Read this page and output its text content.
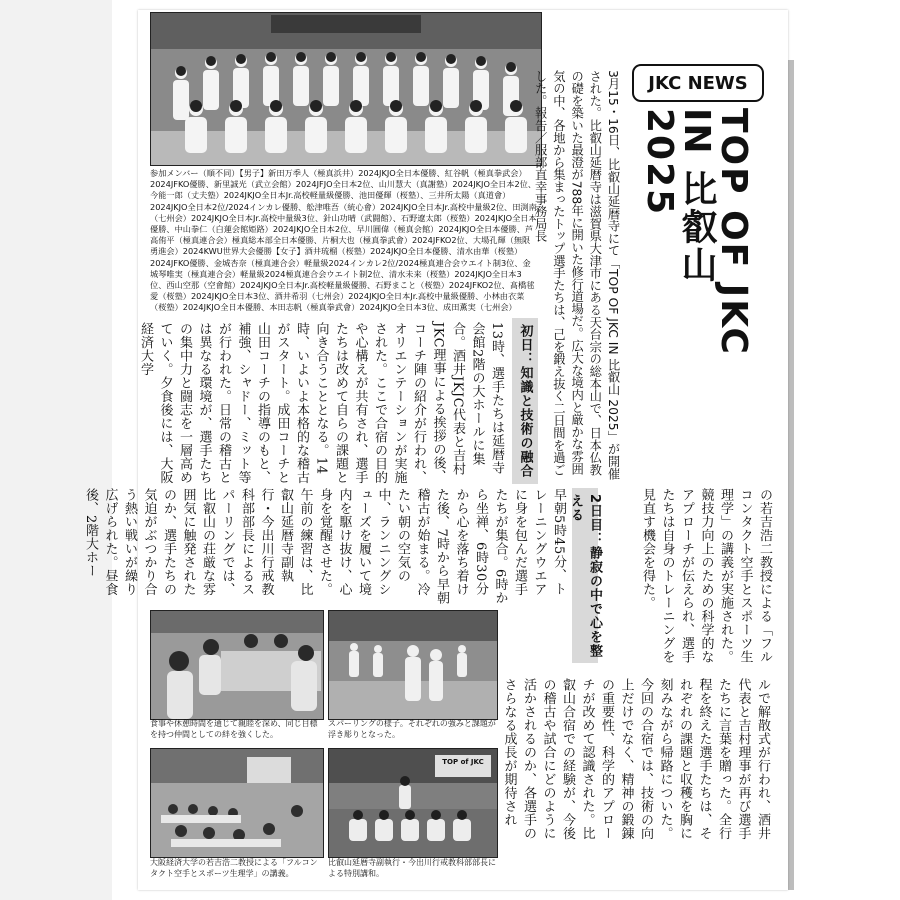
参加メンバー（順不同）【男子】新田万季人（極真浜井）2024JKJO全日本優勝、紅谷帆（極真拳武会）2024JFKO優勝、新里誠光（武立会館）2024JFJO全日本2位、山川慧大（真謝塾）2024JKJO全日本2位、今能一郎（丈夫塾）2024JKJO全日本Jr.高校軽量級優勝、池田優輝（桜塾）、三井所太陽（真道會）2024JKJO全日本2位/2024インカレ優勝、舩津唯吾（統心會）2024JKJO全日本Jr.高校中量級2位、田渕南（七州会）2024JKJO全日本Jr.高校中量級3位、針山功晴（武闘館）、石野遼太郎（桜塾）2024JKJO全日本優勝、中山拳仁（白蓮会館姫路）2024JKJO全日本2位、早川圓偉（極真会館）2024JKJO全日本優勝、芦高侑平（極真連合会）極真総本部全日本優勝、片桐大也（極真拳武會）2024JFKO2位、大場孔輝（無限勇進会）2024KWU世界大会優勝【女子】酒井琉榴（桜塾）2024JKJO全日本優勝、清水由華（桜塾）2024JFKO優勝、金城杏奈（極真連合会）軽量級2024インカレ2位/2024極真連合会ウエイト制3位、金城琴唯実（極真連合会）軽量級2024極真連合会ウエイト制2位、清水未来（桜塾）2024JKJO全日本3位、西山空那（空會館）2024JKJO全日本Jr.高校軽量級優勝、石野まこと（桜塾）2024JFKO2位、髙橋毬愛（桜塾）2024JKJO全日本3位、酒井希羽（七州会）2024JKJO全日本Jr.高校中量級優勝、小林由衣菜（桜塾）2024JKJO全日本優勝、本田志帆（極真拳武會）2024JKJO全日本3位、成田薫実（七州会）	3月15・16日、比叡山延暦寺にて「TOP OF JKC IN 比叡山 2025」が開催された。比叡山延暦寺は滋賀県大津市にある天台宗の総本山で、日本仏教の礎を築いた最澄が788年に開いた修行道場だ。広大な境内と厳かな雰囲気の中、各地から集まったトップ選手たちは、己を鍛え抜く二日間を過ごした。報告／服部直幸事務局長	JKC NEWS
TOP OF JKC IN 比叡山 2025
初日：知識と技術の融合
13時、選手たちは延暦寺会館2階の大ホールに集合。酒井JKJC代表と吉村JKC理事による挨拶の後、コーチ陣の紹介が行われ、オリエンテーションが実施された。ここで合宿の目的や心構えが共有され、選手たちは改めて自らの課題と向き合うこととなる。14時、いよいよ本格的な稽古がスタート。成田コーチと山田コーチの指導のもと、補強、シャドー、ミット等が行われた。日常の稽古とは異なる環境が、選手たちの集中力と闘志を一層高めていく。夕食後には、大阪経済大学
2日目：静寂の中で心を整える
早朝5時45分、トレーニングウエアに身を包んだ選手たちが集合。6時から坐禅、6時30分から心を落ち着けた後、7時から早朝稽古が始まる。冷たい朝の空気の中、ランニングシューズを履いて境内を駆け抜け、心身を覚醒させた。午前の練習は、比叡山延暦寺副執行・今出川行戒教科部部長によるスパーリングでは、比叡山の荘厳な雰囲気に触発されたのか、選手たちの気迫がぶつかり合う熱い戦いが繰り広げられた。昼食後、2階大ホー	の若吉浩二教授による「フルコンタクト空手とスポーツ生理学」の講義が実施された。競技力向上のための科学的なアプローチが伝えられ、選手たちは自身のトレーニングを見直す機会を得た。
ルで解散式が行われ、酒井代表と吉村理事が再び選手たちに言葉を贈った。全行程を終えた選手たちは、それぞれの課題と収穫を胸に刻みながら帰路についた。今回の合宿では、技術の向上だけでなく、精神の鍛錬の重要性、科学的アプローチが改めて認識された。比叡山合宿での経験が、今後の稽古や試合にどのように活かされるのか、各選手のさらなる成長が期待され
食事や休憩時間を通じて親睦を深め、同じ目標を持つ仲間としての絆を強くした。
スパーリングの様子。それぞれの強みと課題が浮き彫りとなった。
大阪経済大学の若吉浩二教授による「フルコンタクト空手とスポーツ生理学」の講義。
TOP of JKC
比叡山延暦寺副執行・今出川行戒教科部部長による特別講和。
